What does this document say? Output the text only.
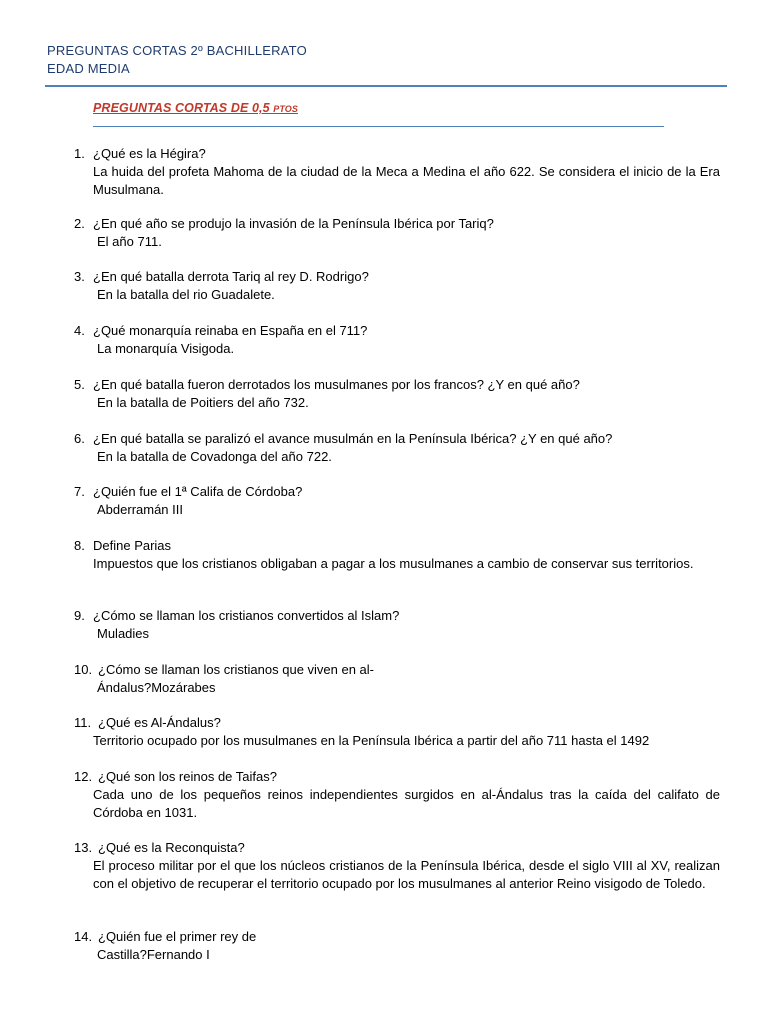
PREGUNTAS CORTAS 2º BACHILLERATO
EDAD MEDIA
PREGUNTAS CORTAS DE 0,5 PTOS
1. ¿Qué es la Hégira?
La huida del profeta Mahoma de la ciudad de la Meca a Medina el año 622. Se considera el inicio de la Era Musulmana.
2. ¿En qué año se produjo la invasión de la Península Ibérica por Tariq?
El año 711.
3. ¿En qué batalla derrota Tariq al rey D. Rodrigo?
En la batalla del rio Guadalete.
4. ¿Qué monarquía reinaba en España en el 711?
La monarquía Visigoda.
5. ¿En qué batalla fueron derrotados los musulmanes por los francos? ¿Y en qué año?
En la batalla de Poitiers del año 732.
6. ¿En qué batalla se paralizó el avance musulmán en la Península Ibérica? ¿Y en qué año?
En la batalla de Covadonga del año 722.
7. ¿Quién fue el 1ª Califa de Córdoba?
Abderramán III
8. Define Parias
Impuestos que los cristianos obligaban a pagar a los musulmanes a cambio de conservar sus territorios.
9. ¿Cómo se llaman los cristianos convertidos al Islam?
Muladies
10. ¿Cómo se llaman los cristianos que viven en al-
Ándalus?Mozárabes
11. ¿Qué es Al-Ándalus?
Territorio ocupado por los musulmanes en la Península Ibérica a partir del año 711 hasta el 1492
12. ¿Qué son los reinos de Taifas?
Cada uno de los pequeños reinos independientes surgidos en al-Ándalus tras la caída del califato de Córdoba en 1031.
13. ¿Qué es la Reconquista?
El proceso militar por el que los núcleos cristianos de la Península Ibérica, desde el siglo VIII al XV, realizan con el objetivo de recuperar el territorio ocupado por los musulmanes al anterior Reino visigodo de Toledo.
14. ¿Quién fue el primer rey de
Castilla?Fernando I
